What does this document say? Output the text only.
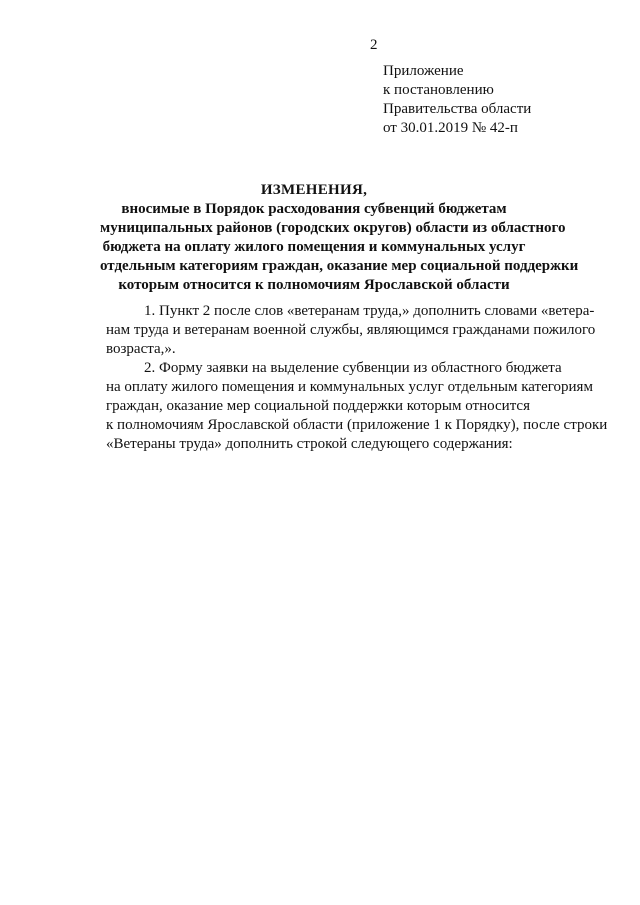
2
Приложение
к постановлению
Правительства области
от 30.01.2019 № 42-п
ИЗМЕНЕНИЯ,
вносимые в Порядок расходования субвенций бюджетам
муниципальных районов (городских округов) области из областного
бюджета на оплату жилого помещения и коммунальных услуг
отдельным категориям граждан, оказание мер социальной поддержки
которым относится к полномочиям Ярославской области
1. Пункт 2 после слов «ветеранам труда,» дополнить словами «ветера-
нам труда и ветеранам военной службы, являющимся гражданами пожилого
возраста,».
2. Форму заявки на выделение субвенции из областного бюджета
на оплату жилого помещения и коммунальных услуг отдельным категориям
граждан, оказание мер социальной поддержки которым относится
к полномочиям Ярославской области (приложение 1 к Порядку), после строки
«Ветераны труда» дополнить строкой следующего содержания:
